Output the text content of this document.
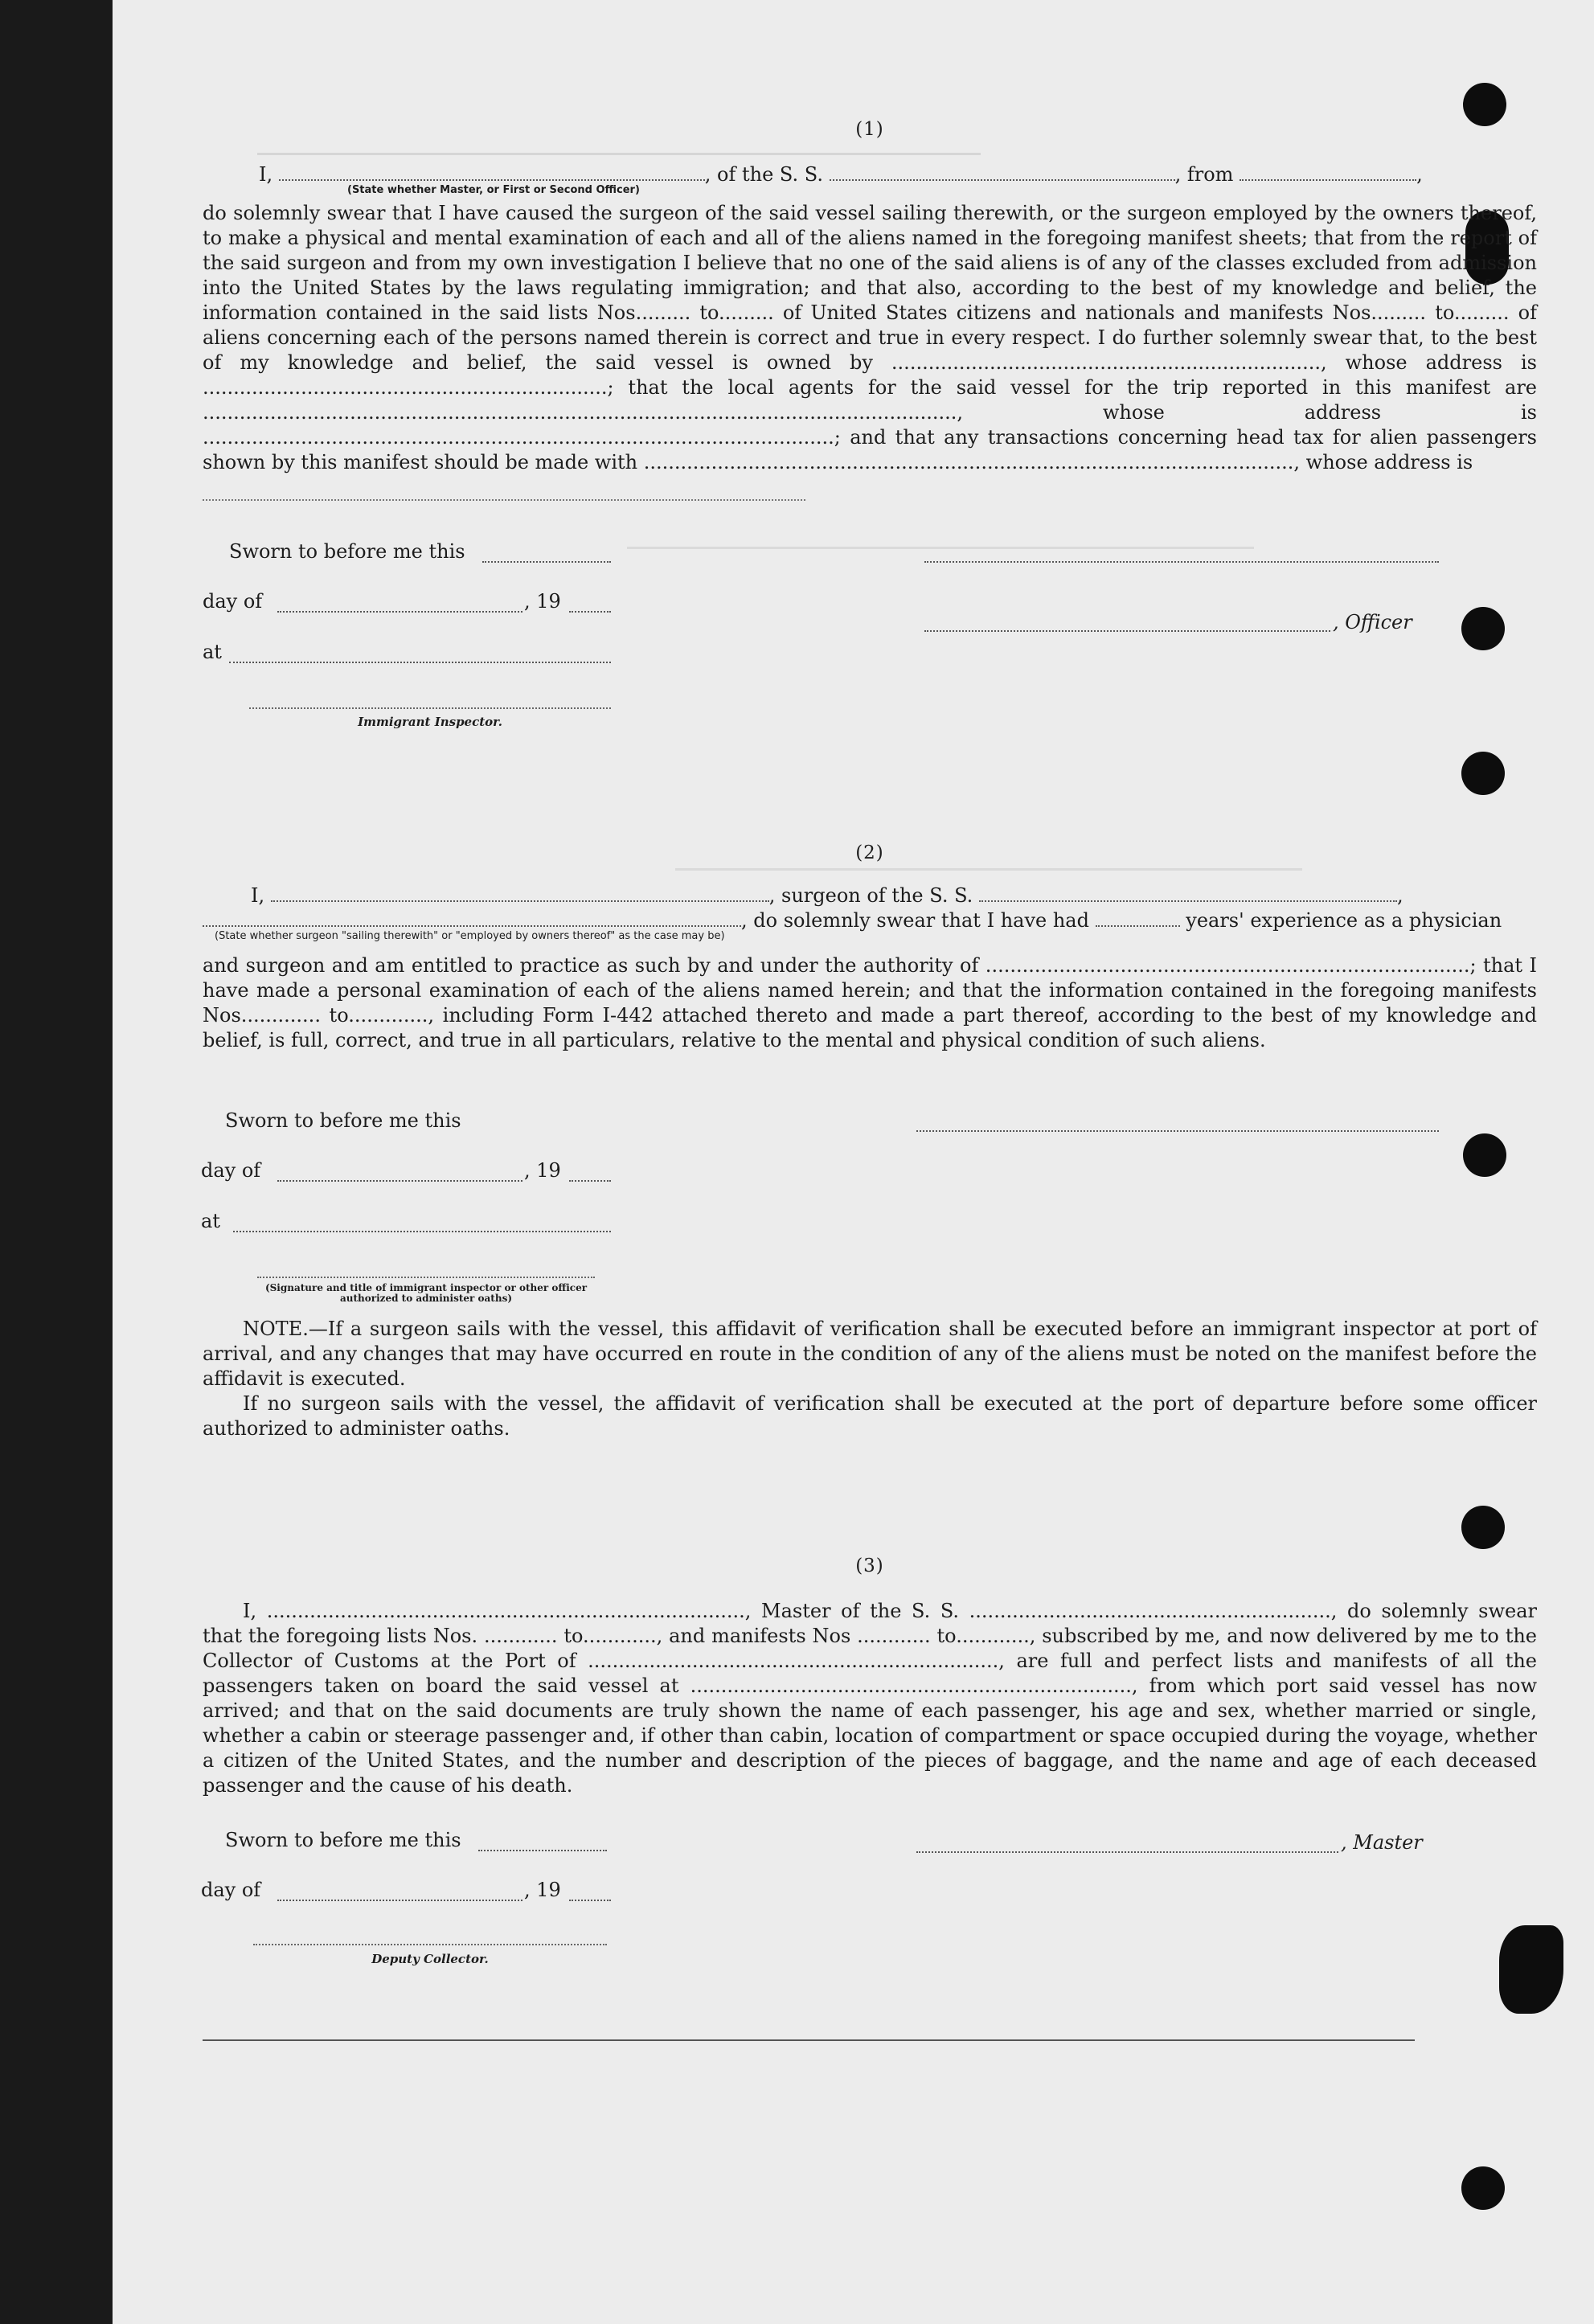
(1)
I,	, of the S. S.	, from	,
(State whether Master, or First or Second Officer)
do solemnly swear that I have caused the surgeon of the said vessel sailing therewith, or the surgeon employed by the owners thereof, to make a physical and mental examination of each and all of the aliens named in the foregoing manifest sheets; that from the report of the said surgeon and from my own investigation I believe that no one of the said aliens is of any of the classes excluded from admission into the United States by the laws regulating immigration; and that also, according to the best of my knowledge and belief, the information contained in the said lists Nos......... to......... of United States citizens and nationals and manifests Nos......... to......... of aliens concerning each of the persons named therein is correct and true in every respect. I do further solemnly swear that, to the best of my knowledge and belief, the said vessel is owned by ......................................................................, whose address is ..................................................................; that the local agents for the said vessel for the trip reported in this manifest are ..........................................................................................................................., whose address is .......................................................................................................; and that any transactions concerning head tax for alien passengers shown by this manifest should be made with .........................................................................................................., whose address is
Sworn to before me this
day of	, 19
, Officer
at
Immigrant Inspector.
(2)
I,	, surgeon of the S. S.	,
, do solemnly swear that I have had	years' experience as a physician
(State whether surgeon "sailing therewith" or "employed by owners thereof" as the case may be)
and surgeon and am entitled to practice as such by and under the authority of ...............................................................................; that I have made a personal examination of each of the aliens named herein; and that the information contained in the foregoing manifests Nos............. to............., including Form I-442 attached thereto and made a part thereof, according to the best of my knowledge and belief, is full, correct, and true in all particulars, relative to the mental and physical condition of such aliens.
Sworn to before me this
day of	, 19
at
(Signature and title of immigrant inspector or other officer authorized to administer oaths)
NOTE.—If a surgeon sails with the vessel, this affidavit of verification shall be executed before an immigrant inspector at port of arrival, and any changes that may have occurred en route in the condition of any of the aliens must be noted on the manifest before the affidavit is executed.
If no surgeon sails with the vessel, the affidavit of verification shall be executed at the port of departure before some officer authorized to administer oaths.
(3)
I, .............................................................................., Master of the S. S. ..........................................................., do solemnly swear that the foregoing lists Nos. ............ to............, and manifests Nos ............ to............, subscribed by me, and now delivered by me to the Collector of Customs at the Port of ..................................................................., are full and perfect lists and manifests of all the passengers taken on board the said vessel at ........................................................................, from which port said vessel has now arrived; and that on the said documents are truly shown the name of each passenger, his age and sex, whether married or single, whether a cabin or steerage passenger and, if other than cabin, location of compartment or space occupied during the voyage, whether a citizen of the United States, and the number and description of the pieces of baggage, and the name and age of each deceased passenger and the cause of his death.
Sworn to before me this	, Master
day of	, 19
Deputy Collector.
